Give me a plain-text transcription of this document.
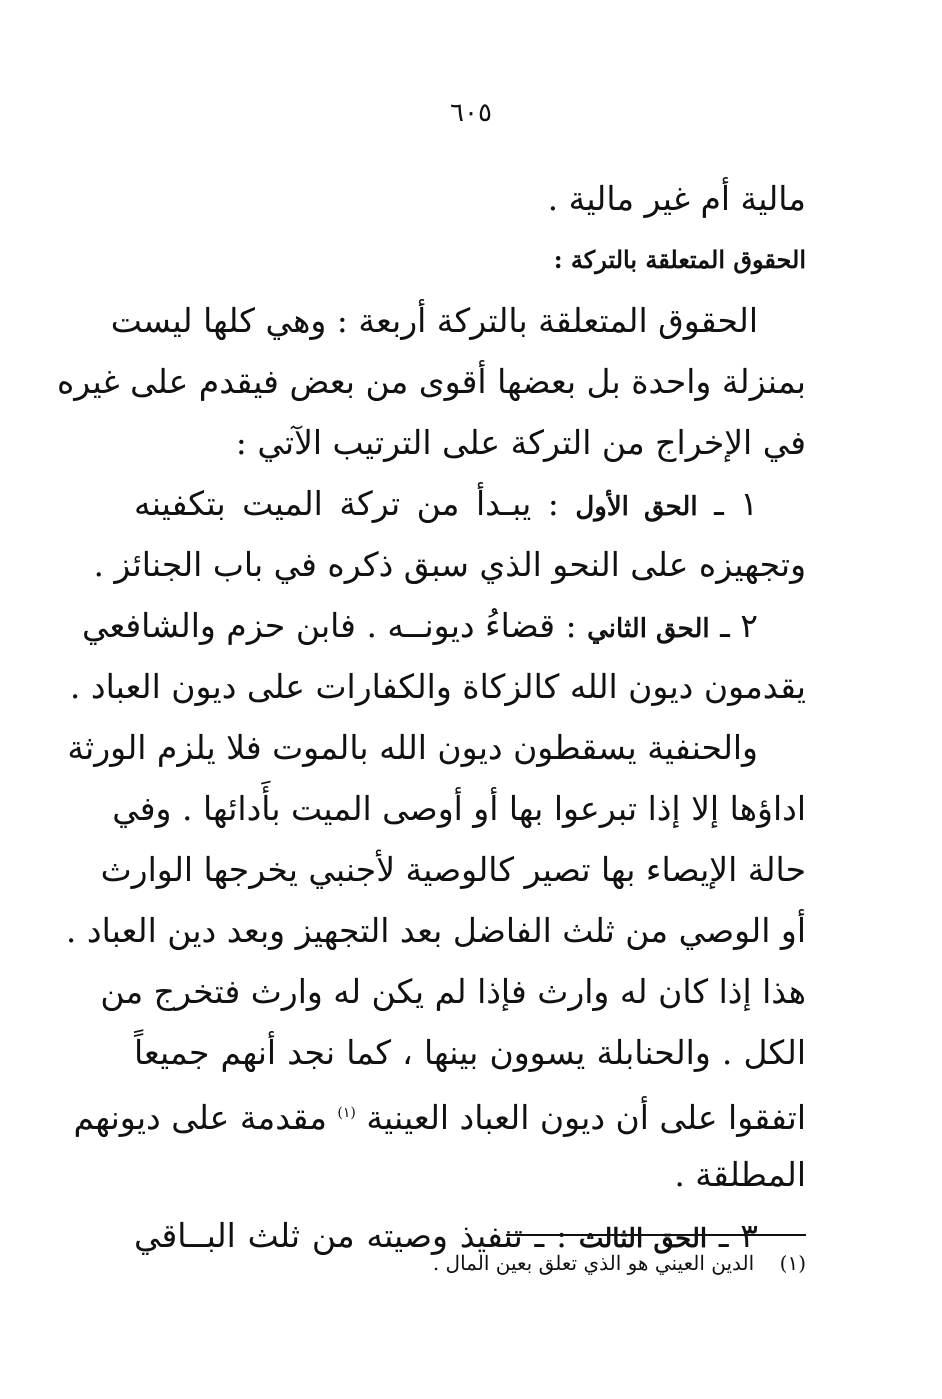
٦٠٥
مالية أم غير مالية .
الحقوق المتعلقة بالتركة :
الحقوق المتعلقة بالتركة أربعة : وهي كلها ليست
بمنزلة واحدة بل بعضها أقوى من بعض فيقدم على غيره
في الإخراج من التركة على الترتيب الآتي :
١ ـ الحق الأول : يبـدأ من تركة الميت بتكفينه
وتجهيزه على النحو الذي سبق ذكره في باب الجنائز .
٢ ـ الحق الثاني : قضاءُ ديونــه . فابن حزم والشافعي
يقدمون ديون الله كالزكاة والكفارات على ديون العباد .
والحنفية يسقطون ديون الله بالموت فلا يلزم الورثة
اداؤها إلا إذا تبرعوا بها أو أوصى الميت بأَدائها . وفي
حالة الإيصاء بها تصير كالوصية لأجنبي يخرجها الوارث
أو الوصي من ثلث الفاضل بعد التجهيز وبعد دين العباد .
هذا إذا كان له وارث فإذا لم يكن له وارث فتخرج من
الكل . والحنابلة يسوون بينها ، كما نجد أنهم جميعاً
اتفقوا على أن ديون العباد العينية $^{(١)}$ مقدمة على ديونهم
المطلقة .
٣ ـ الحق الثالث : ـ تنفيذ وصيته من ثلث البــاقي
(١)    الدين العيني هو الذي تعلق بعين المال .
